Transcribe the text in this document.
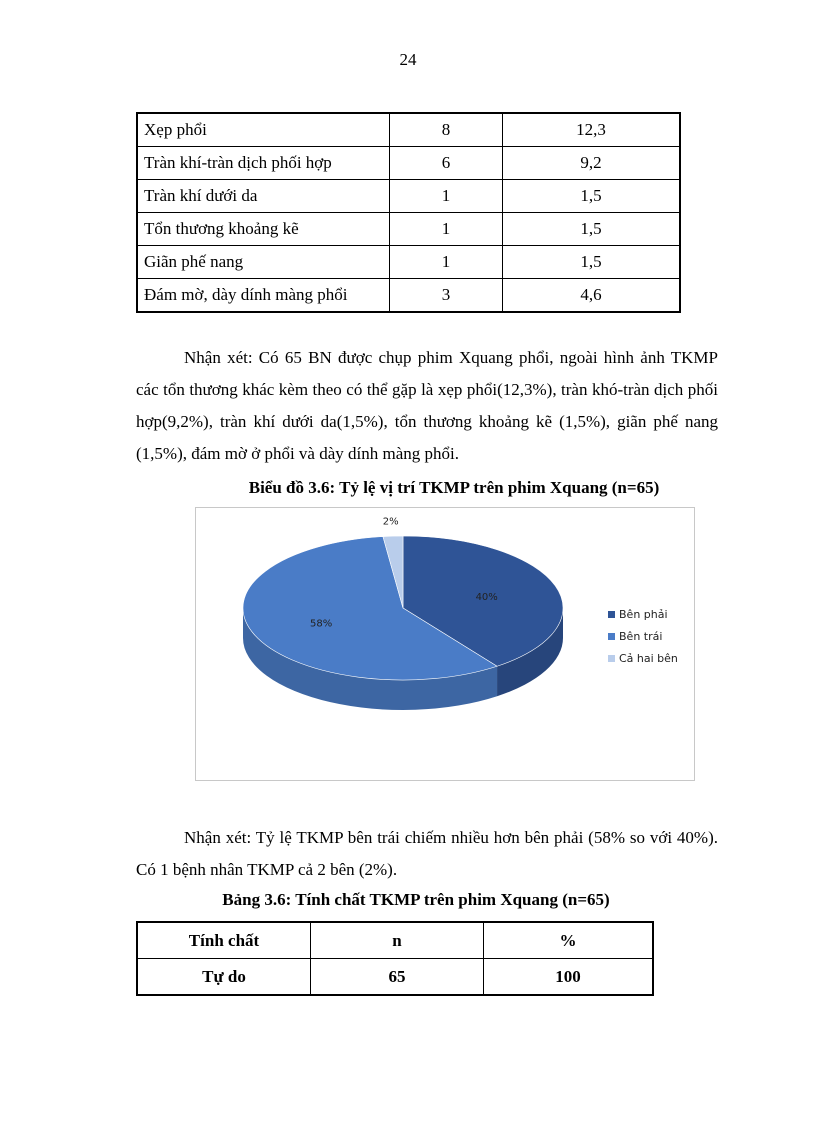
24
Xẹp phổi	8	12,3
Tràn khí-tràn dịch phối hợp	6	9,2
Tràn khí dưới da	1	1,5
Tổn thương khoảng kẽ	1	1,5
Giãn phế nang	1	1,5
Đám mờ, dày dính màng phổi	3	4,6
Nhận xét: Có 65 BN được chụp phim Xquang phổi, ngoài hình ảnh TKMP các tổn thương khác kèm theo có thể gặp là xẹp phổi(12,3%), tràn khó-tràn dịch phối hợp(9,2%), tràn khí dưới da(1,5%), tổn thương khoảng kẽ (1,5%), giãn phế nang (1,5%), đám mờ ở phổi và dày dính màng phổi.
Biểu đồ 3.6: Tỷ lệ vị trí TKMP trên phim Xquang (n=65)
40%
58%
2%
Bên phải
Bên trái
Cả hai bên
Nhận xét: Tỷ lệ TKMP bên trái chiếm nhiều hơn bên phải (58% so với 40%). Có 1 bệnh nhân TKMP cả 2 bên (2%).
Bảng 3.6: Tính chất TKMP trên phim Xquang (n=65)
Tính chất	n	%
Tự do	65	100
